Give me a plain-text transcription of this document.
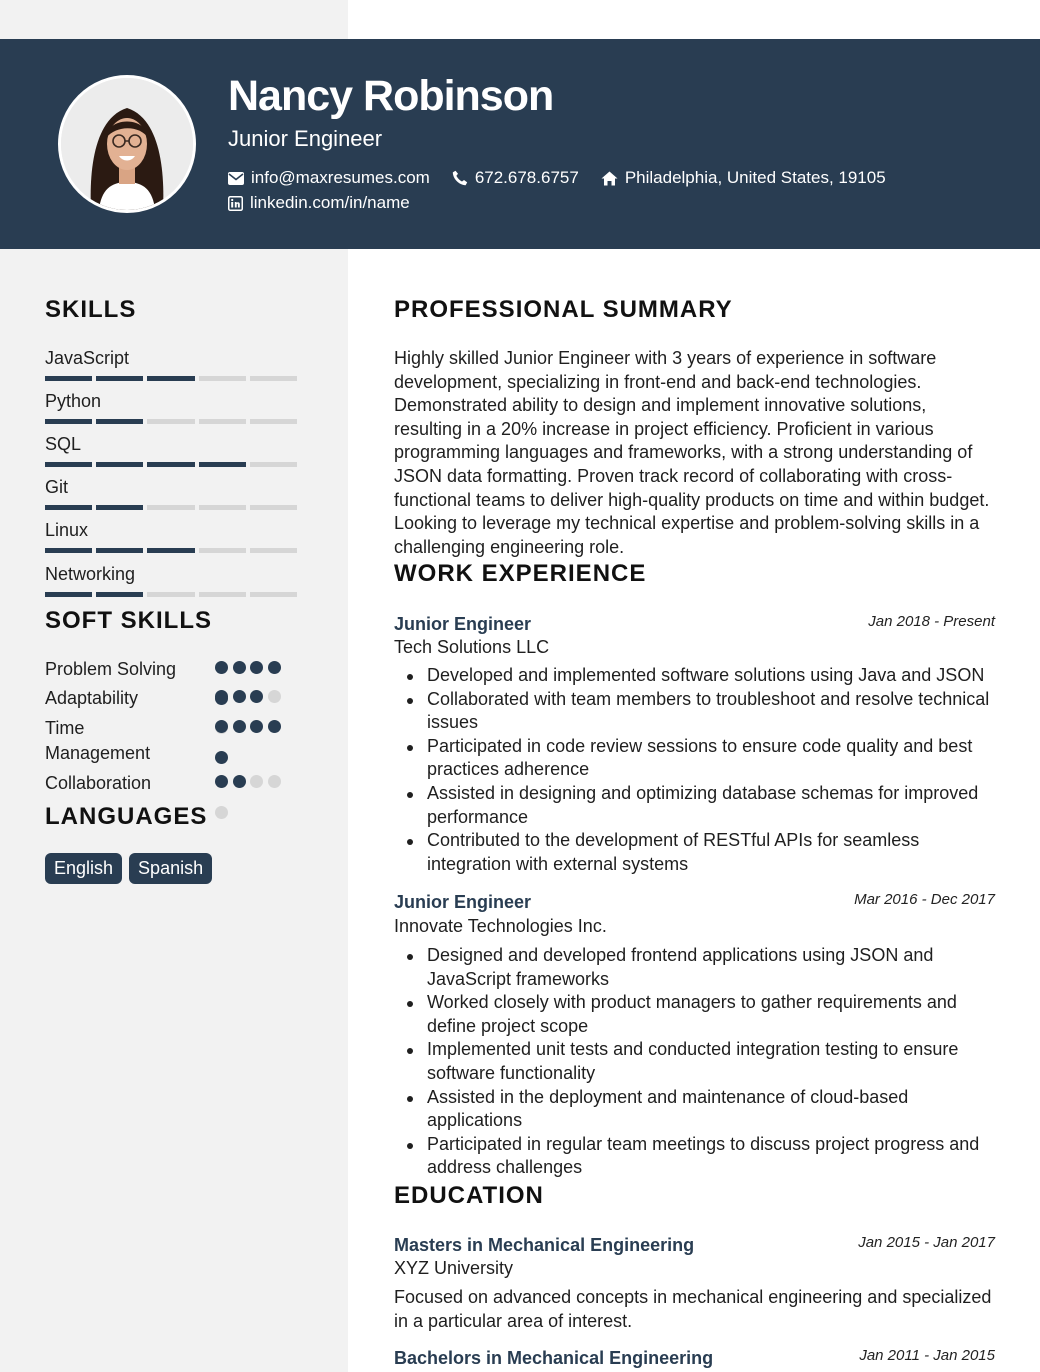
Nancy Robinson
Junior Engineer
info@maxresumes.com	672.678.6757	Philadelphia, United States, 19105
linkedin.com/in/name
SKILLS
JavaScript
Python
SQL
Git
Linux
Networking
SOFT SKILLS
Problem Solving
Adaptability
Time Management
Collaboration
LANGUAGES
English	Spanish
PROFESSIONAL SUMMARY
Highly skilled Junior Engineer with 3 years of experience in software development, specializing in front-end and back-end technologies. Demonstrated ability to design and implement innovative solutions, resulting in a 20% increase in project efficiency. Proficient in various programming languages and frameworks, with a strong understanding of JSON data formatting. Proven track record of collaborating with cross-functional teams to deliver high-quality products on time and within budget. Looking to leverage my technical expertise and problem-solving skills in a challenging engineering role.
WORK EXPERIENCE
Junior Engineer	Jan 2018 - Present
Tech Solutions LLC
Developed and implemented software solutions using Java and JSON
Collaborated with team members to troubleshoot and resolve technical issues
Participated in code review sessions to ensure code quality and best practices adherence
Assisted in designing and optimizing database schemas for improved performance
Contributed to the development of RESTful APIs for seamless integration with external systems
Junior Engineer	Mar 2016 - Dec 2017
Innovate Technologies Inc.
Designed and developed frontend applications using JSON and JavaScript frameworks
Worked closely with product managers to gather requirements and define project scope
Implemented unit tests and conducted integration testing to ensure software functionality
Assisted in the deployment and maintenance of cloud-based applications
Participated in regular team meetings to discuss project progress and address challenges
EDUCATION
Masters in Mechanical Engineering	Jan 2015 - Jan 2017
XYZ University
Focused on advanced concepts in mechanical engineering and specialized in a particular area of interest.
Bachelors in Mechanical Engineering	Jan 2011 - Jan 2015
